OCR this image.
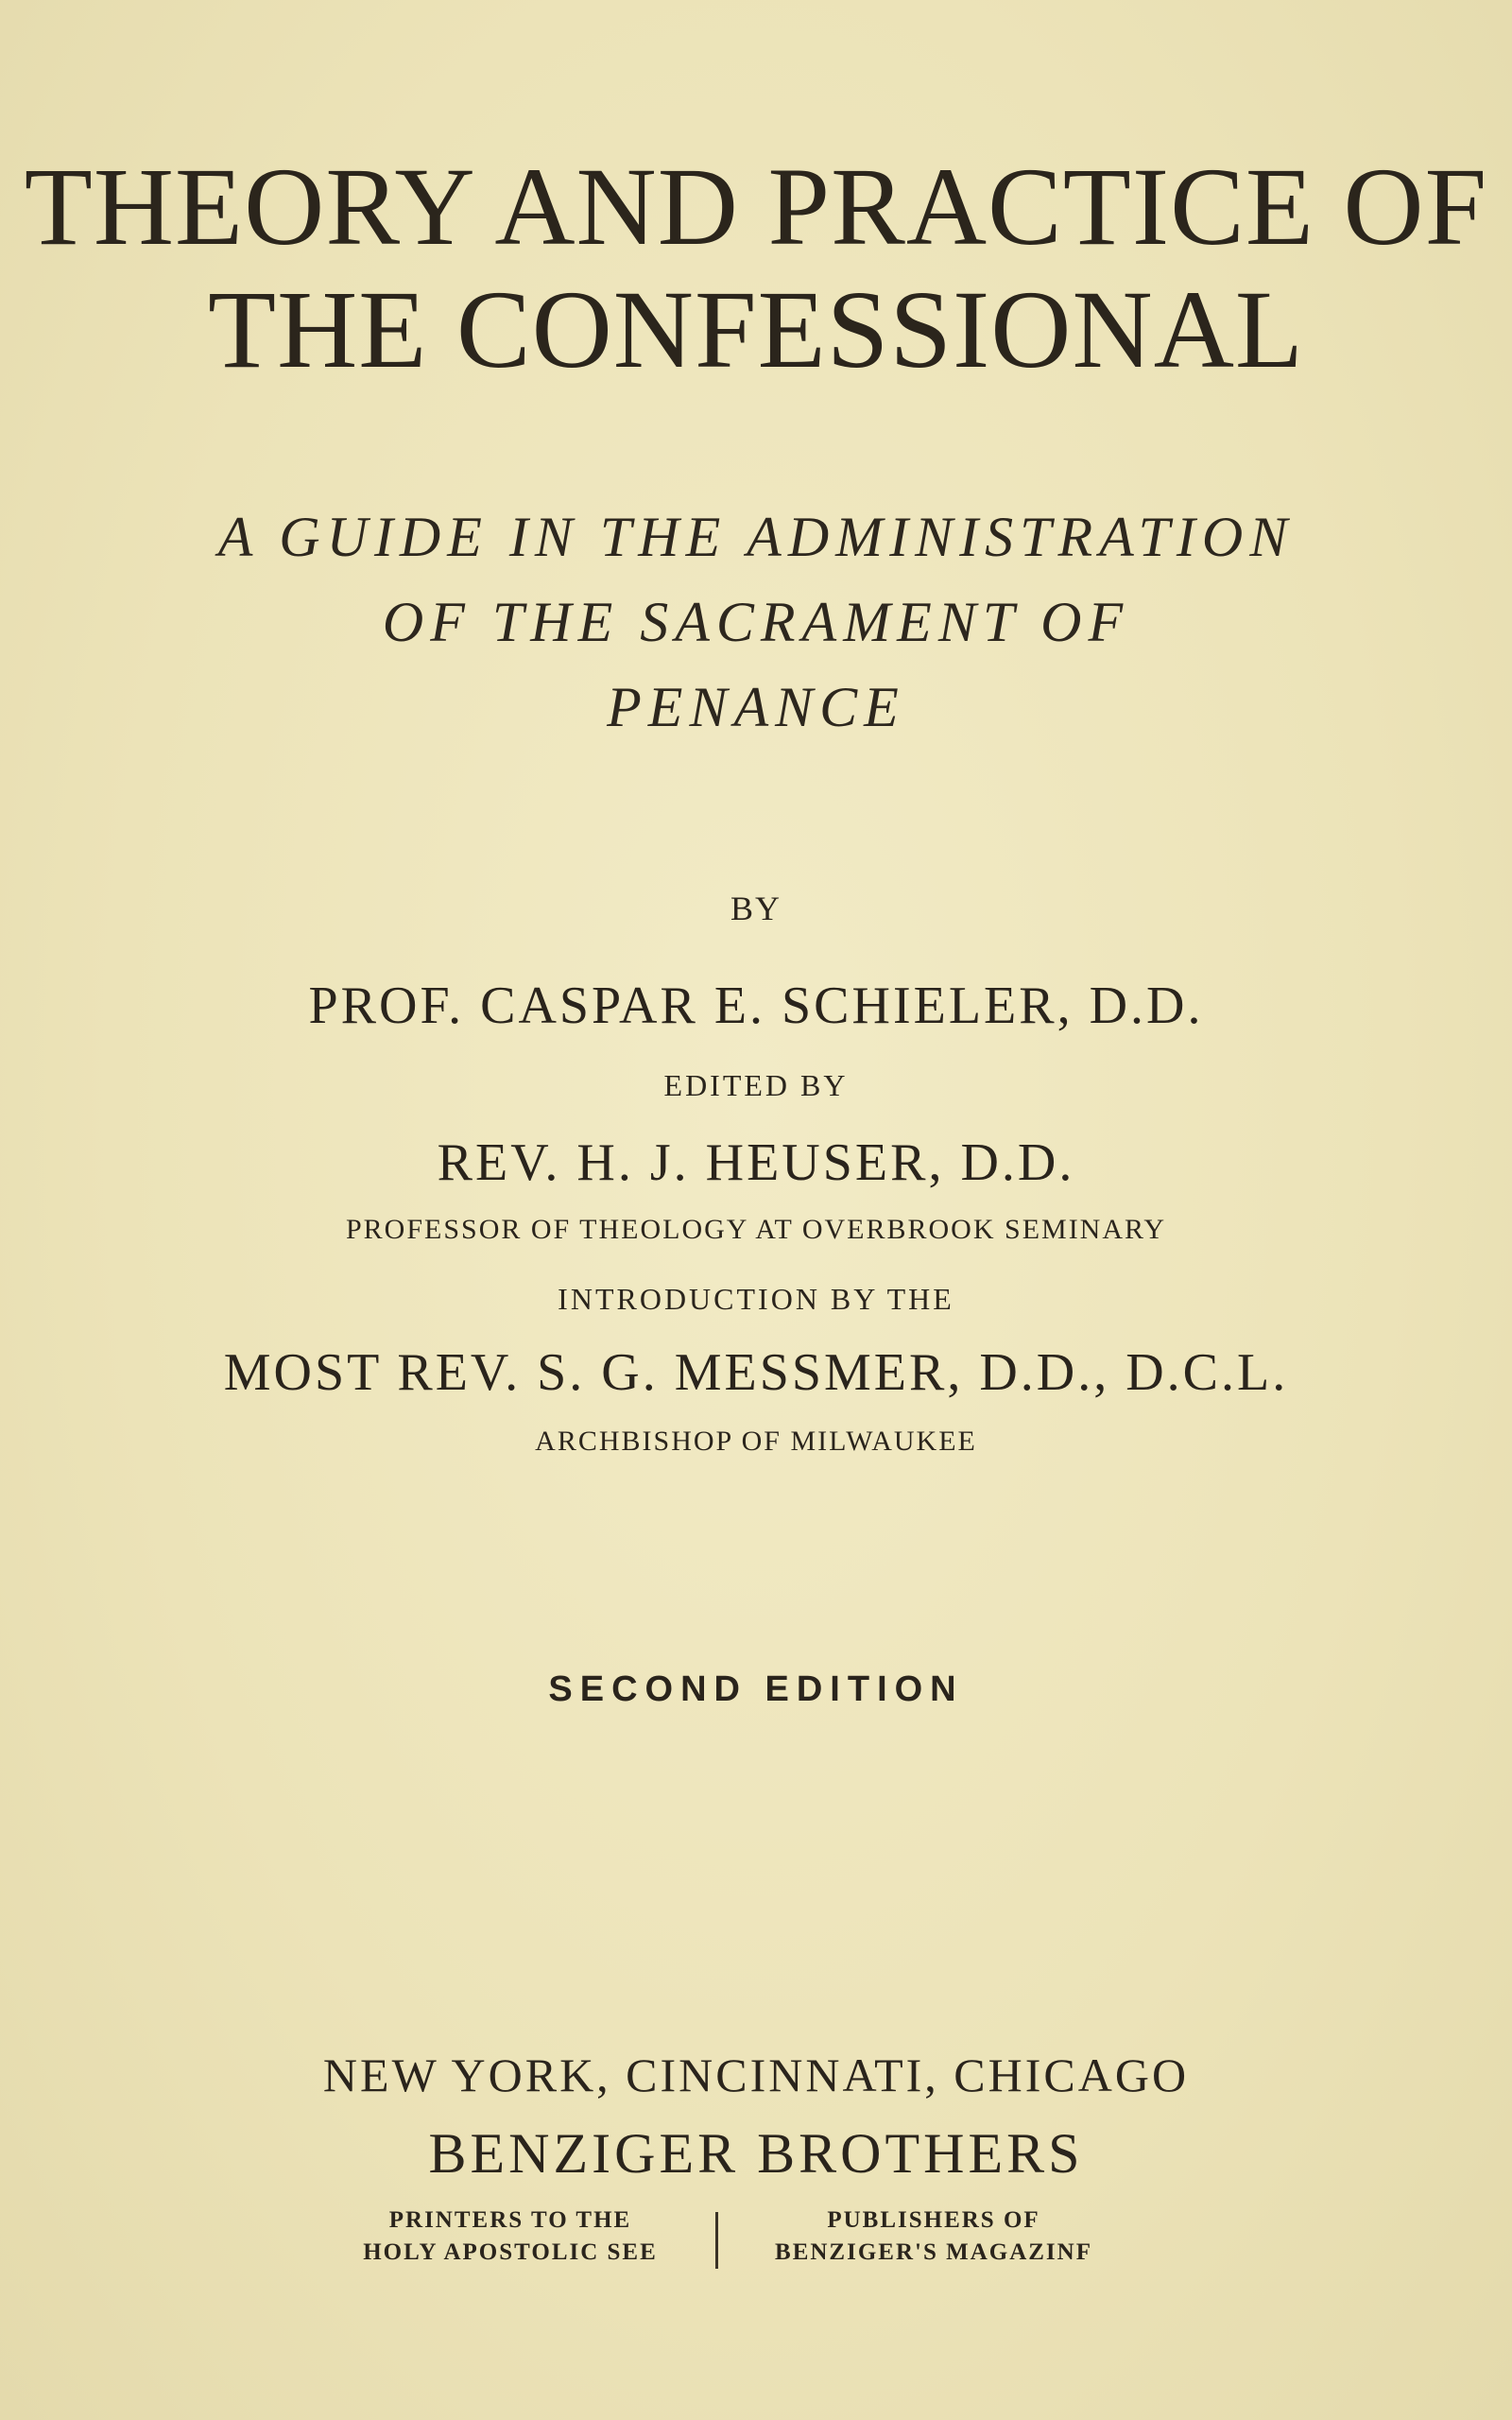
THEORY AND PRACTICE OF
THE CONFESSIONAL
A GUIDE IN THE ADMINISTRATION
OF THE SACRAMENT OF
PENANCE
BY
PROF. CASPAR E. SCHIELER, D.D.
EDITED BY
REV. H. J. HEUSER, D.D.
PROFESSOR OF THEOLOGY AT OVERBROOK SEMINARY
INTRODUCTION BY THE
MOST REV. S. G. MESSMER, D.D., D.C.L.
ARCHBISHOP OF MILWAUKEE
SECOND EDITION
NEW YORK, CINCINNATI, CHICAGO
BENZIGER BROTHERS
PRINTERS TO THE
HOLY APOSTOLIC SEE
PUBLISHERS OF
BENZIGER'S MAGAZINF
